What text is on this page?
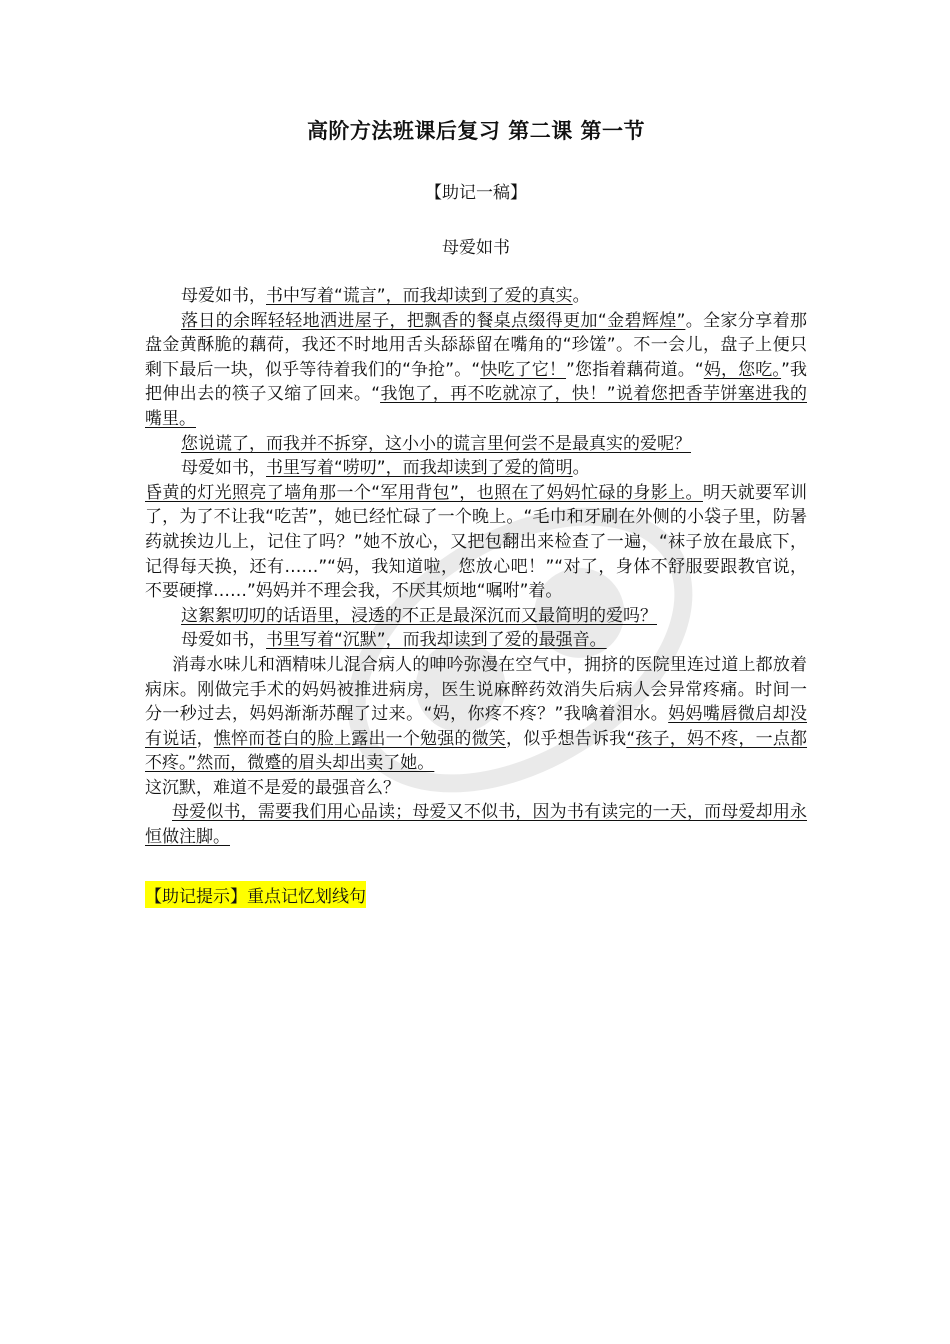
高阶方法班课后复习 第二课 第一节
【助记一稿】
母爱如书

母爱如书，书中写着“谎言”，而我却读到了爱的真实。

落日的余晖轻轻地洒进屋子，把飘香的餐桌点缀得更加“金碧辉煌”。全家分享着那盘金黄酥脆的藕荷，我还不时地用舌头舔舔留在嘴角的“珍馐”。不一会儿，盘子上便只剩下最后一块，似乎等待着我们的“争抢”。“快吃了它！”您指着藕荷道。“妈，您吃。”我把伸出去的筷子又缩了回来。“我饱了，再不吃就凉了，快！”说着您把香芋饼塞进我的嘴里。

您说谎了，而我并不拆穿，这小小的谎言里何尝不是最真实的爱呢？

母爱如书，书里写着“唠叨”，而我却读到了爱的简明。

昏黄的灯光照亮了墙角那一个“军用背包”，也照在了妈妈忙碌的身影上。明天就要军训了，为了不让我“吃苦”，她已经忙碌了一个晚上。“毛巾和牙刷在外侧的小袋子里，防暑药就挨边儿上，记住了吗？”她不放心，又把包翻出来检查了一遍，“袜子放在最底下，记得每天换，还有……”“妈，我知道啦，您放心吧！”“对了，身体不舒服要跟教官说，不要硬撑……”妈妈并不理会我，不厌其烦地“嘱咐”着。

这絮絮叨叨的话语里，浸透的不正是最深沉而又最简明的爱吗？

母爱如书，书里写着“沉默”，而我却读到了爱的最强音。

消毒水味儿和酒精味儿混合病人的呻吟弥漫在空气中，拥挤的医院里连过道上都放着病床。刚做完手术的妈妈被推进病房，医生说麻醉药效消失后病人会异常疼痛。时间一分一秒过去，妈妈渐渐苏醒了过来。“妈，你疼不疼？”我噙着泪水。妈妈嘴唇微启却没有说话，憔悴而苍白的脸上露出一个勉强的微笑，似乎想告诉我“孩子，妈不疼，一点都不疼。”然而，微蹙的眉头却出卖了她。

这沉默，难道不是爱的最强音么？

母爱似书，需要我们用心品读；母爱又不似书，因为书有读完的一天，而母爱却用永恒做注脚。

【助记提示】重点记忆划线句
